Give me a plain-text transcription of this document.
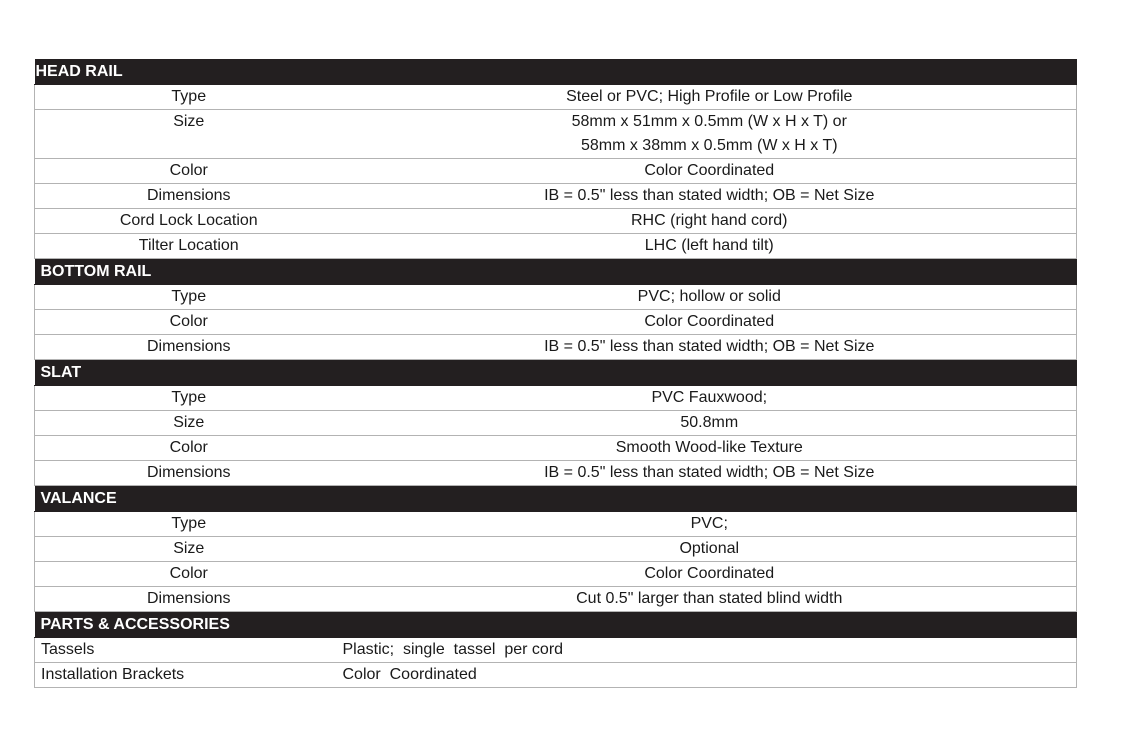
HEAD RAIL	
Type	Steel or PVC; High Profile or Low Profile
Size	58mm x 51mm x 0.5mm (W x H x T) or
58mm x 38mm x 0.5mm (W x H x T)

Color	Color Coordinated
Dimensions	IB = 0.5" less than stated width; OB = Net Size
Cord Lock Location	RHC (right hand cord)
Tilter Location	LHC (left hand tilt)
BOTTOM RAIL	
Type	PVC; hollow or solid
Color	Color Coordinated
Dimensions	IB = 0.5" less than stated width; OB = Net Size
SLAT	
Type	PVC Fauxwood;
Size	50.8mm
Color	Smooth Wood-like Texture
Dimensions	IB = 0.5" less than stated width; OB = Net Size
VALANCE	
Type	PVC;
Size	Optional
Color	Color Coordinated
Dimensions	Cut 0.5" larger than stated blind width
PARTS & ACCESSORIES	
Tassels	Plastic;  single  tassel  per cord
Installation Brackets	Color  Coordinated
